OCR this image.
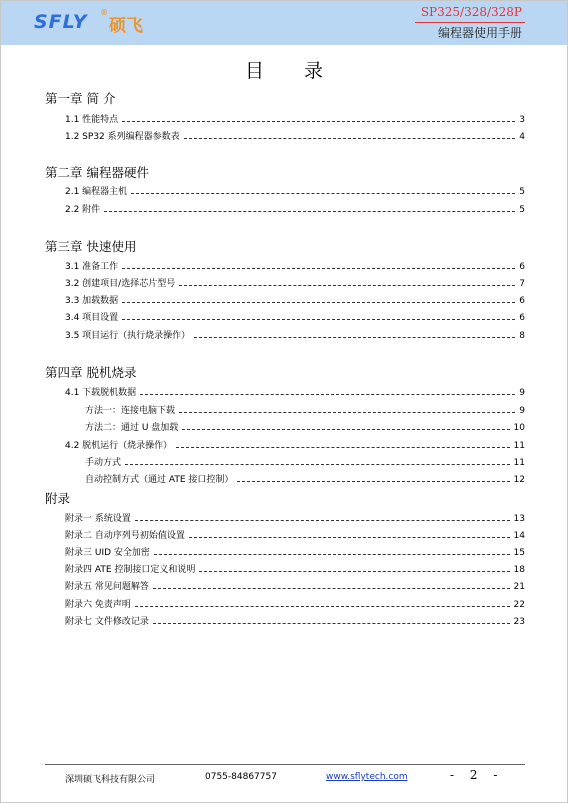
SFLY ®
硕飞
SP325/328/328P
编程器使用手册
目录
第一章 简 介
1.1 性能特点	3
1.2 SP32 系列编程器参数表	4
第二章 编程器硬件
2.1 编程器主机	5
2.2 附件	5
第三章 快速使用
3.1 准备工作	6
3.2 创建项目/选择芯片型号	7
3.3 加载数据	6
3.4 项目设置	6
3.5 项目运行（执行烧录操作）	8
第四章 脱机烧录
4.1 下载脱机数据	9
方法一：连接电脑下载	9
方法二：通过 U 盘加载	10
4.2 脱机运行（烧录操作）	11
手动方式	11
自动控制方式（通过 ATE 接口控制）	12
附录
附录一 系统设置	13
附录二 自动序列号初始值设置	14
附录三 UID 安全加密	15
附录四 ATE 控制接口定义和说明	18
附录五 常见问题解答	21
附录六 免责声明	22
附录七 文件修改记录	23
深圳硕飞科技有限公司	0755-84867757	www.sflytech.com	- 2 -
